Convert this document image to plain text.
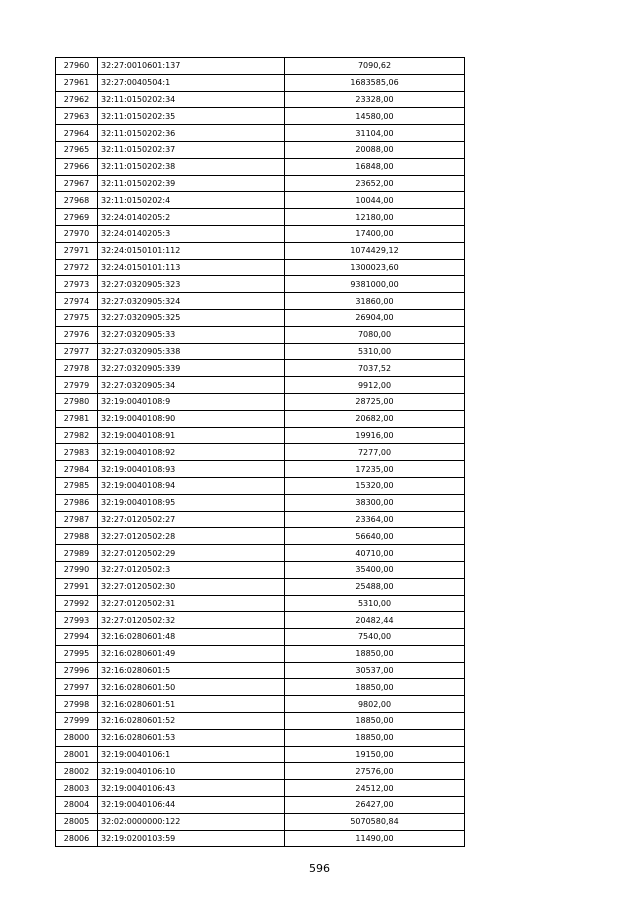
27960	32:27:0010601:137	7090,62
27961	32:27:0040504:1	1683585,06
27962	32:11:0150202:34	23328,00
27963	32:11:0150202:35	14580,00
27964	32:11:0150202:36	31104,00
27965	32:11:0150202:37	20088,00
27966	32:11:0150202:38	16848,00
27967	32:11:0150202:39	23652,00
27968	32:11:0150202:4	10044,00
27969	32:24:0140205:2	12180,00
27970	32:24:0140205:3	17400,00
27971	32:24:0150101:112	1074429,12
27972	32:24:0150101:113	1300023,60
27973	32:27:0320905:323	9381000,00
27974	32:27:0320905:324	31860,00
27975	32:27:0320905:325	26904,00
27976	32:27:0320905:33	7080,00
27977	32:27:0320905:338	5310,00
27978	32:27:0320905:339	7037,52
27979	32:27:0320905:34	9912,00
27980	32:19:0040108:9	28725,00
27981	32:19:0040108:90	20682,00
27982	32:19:0040108:91	19916,00
27983	32:19:0040108:92	7277,00
27984	32:19:0040108:93	17235,00
27985	32:19:0040108:94	15320,00
27986	32:19:0040108:95	38300,00
27987	32:27:0120502:27	23364,00
27988	32:27:0120502:28	56640,00
27989	32:27:0120502:29	40710,00
27990	32:27:0120502:3	35400,00
27991	32:27:0120502:30	25488,00
27992	32:27:0120502:31	5310,00
27993	32:27:0120502:32	20482,44
27994	32:16:0280601:48	7540,00
27995	32:16:0280601:49	18850,00
27996	32:16:0280601:5	30537,00
27997	32:16:0280601:50	18850,00
27998	32:16:0280601:51	9802,00
27999	32:16:0280601:52	18850,00
28000	32:16:0280601:53	18850,00
28001	32:19:0040106:1	19150,00
28002	32:19:0040106:10	27576,00
28003	32:19:0040106:43	24512,00
28004	32:19:0040106:44	26427,00
28005	32:02:0000000:122	5070580,84
28006	32:19:0200103:59	11490,00
596
